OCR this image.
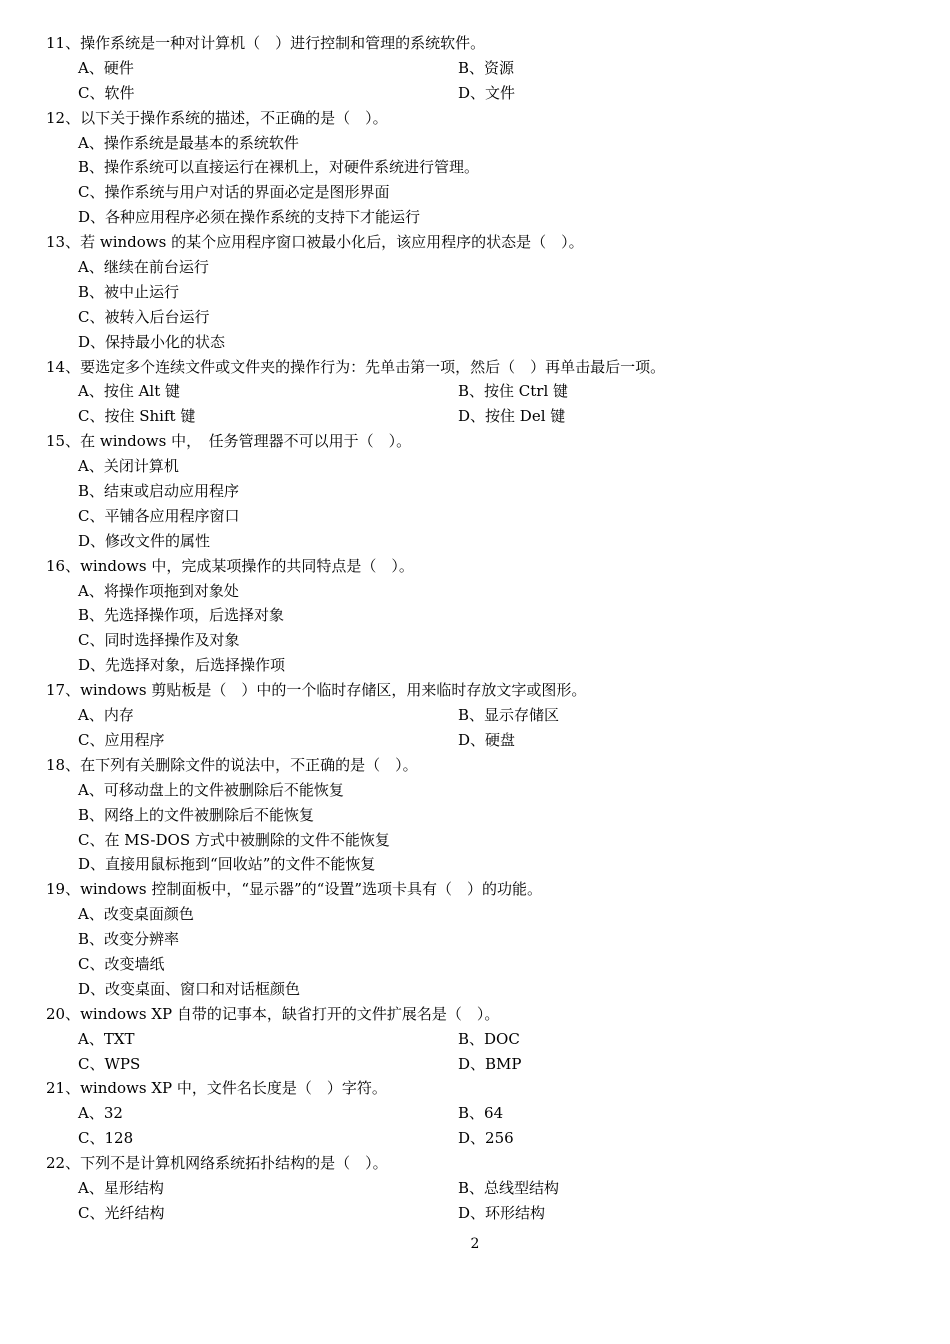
11、操作系统是一种对计算机（　）进行控制和管理的系统软件。
A、硬件	B、资源
C、软件	D、文件
12、以下关于操作系统的描述，不正确的是（　）。
A、操作系统是最基本的系统软件
B、操作系统可以直接运行在裸机上，对硬件系统进行管理。
C、操作系统与用户对话的界面必定是图形界面
D、各种应用程序必须在操作系统的支持下才能运行
13、若 windows 的某个应用程序窗口被最小化后，该应用程序的状态是（　）。
A、继续在前台运行
B、被中止运行
C、被转入后台运行
D、保持最小化的状态
14、要选定多个连续文件或文件夹的操作行为：先单击第一项，然后（　）再单击最后一项。
A、按住 Alt 键	B、按住 Ctrl 键
C、按住 Shift 键	D、按住 Del 键
15、在 windows 中，　任务管理器不可以用于（　）。
A、关闭计算机
B、结束或启动应用程序
C、平铺各应用程序窗口
D、修改文件的属性
16、windows 中，完成某项操作的共同特点是（　）。
A、将操作项拖到对象处
B、先选择操作项，后选择对象
C、同时选择操作及对象
D、先选择对象，后选择操作项
17、windows 剪贴板是（　）中的一个临时存储区，用来临时存放文字或图形。
A、内存	B、显示存储区
C、应用程序	D、硬盘
18、在下列有关删除文件的说法中，不正确的是（　）。
A、可移动盘上的文件被删除后不能恢复
B、网络上的文件被删除后不能恢复
C、在 MS-DOS 方式中被删除的文件不能恢复
D、直接用鼠标拖到“回收站”的文件不能恢复
19、windows 控制面板中，“显示器”的“设置”选项卡具有（　）的功能。
A、改变桌面颜色
B、改变分辨率
C、改变墙纸
D、改变桌面、窗口和对话框颜色
20、windows XP 自带的记事本，缺省打开的文件扩展名是（　）。
A、TXT	B、DOC
C、WPS	D、BMP
21、windows XP 中，文件名长度是（　）字符。
A、32	B、64
C、128	D、256
22、下列不是计算机网络系统拓扑结构的是（　）。
A、星形结构	B、总线型结构
C、光纤结构	D、环形结构
2
